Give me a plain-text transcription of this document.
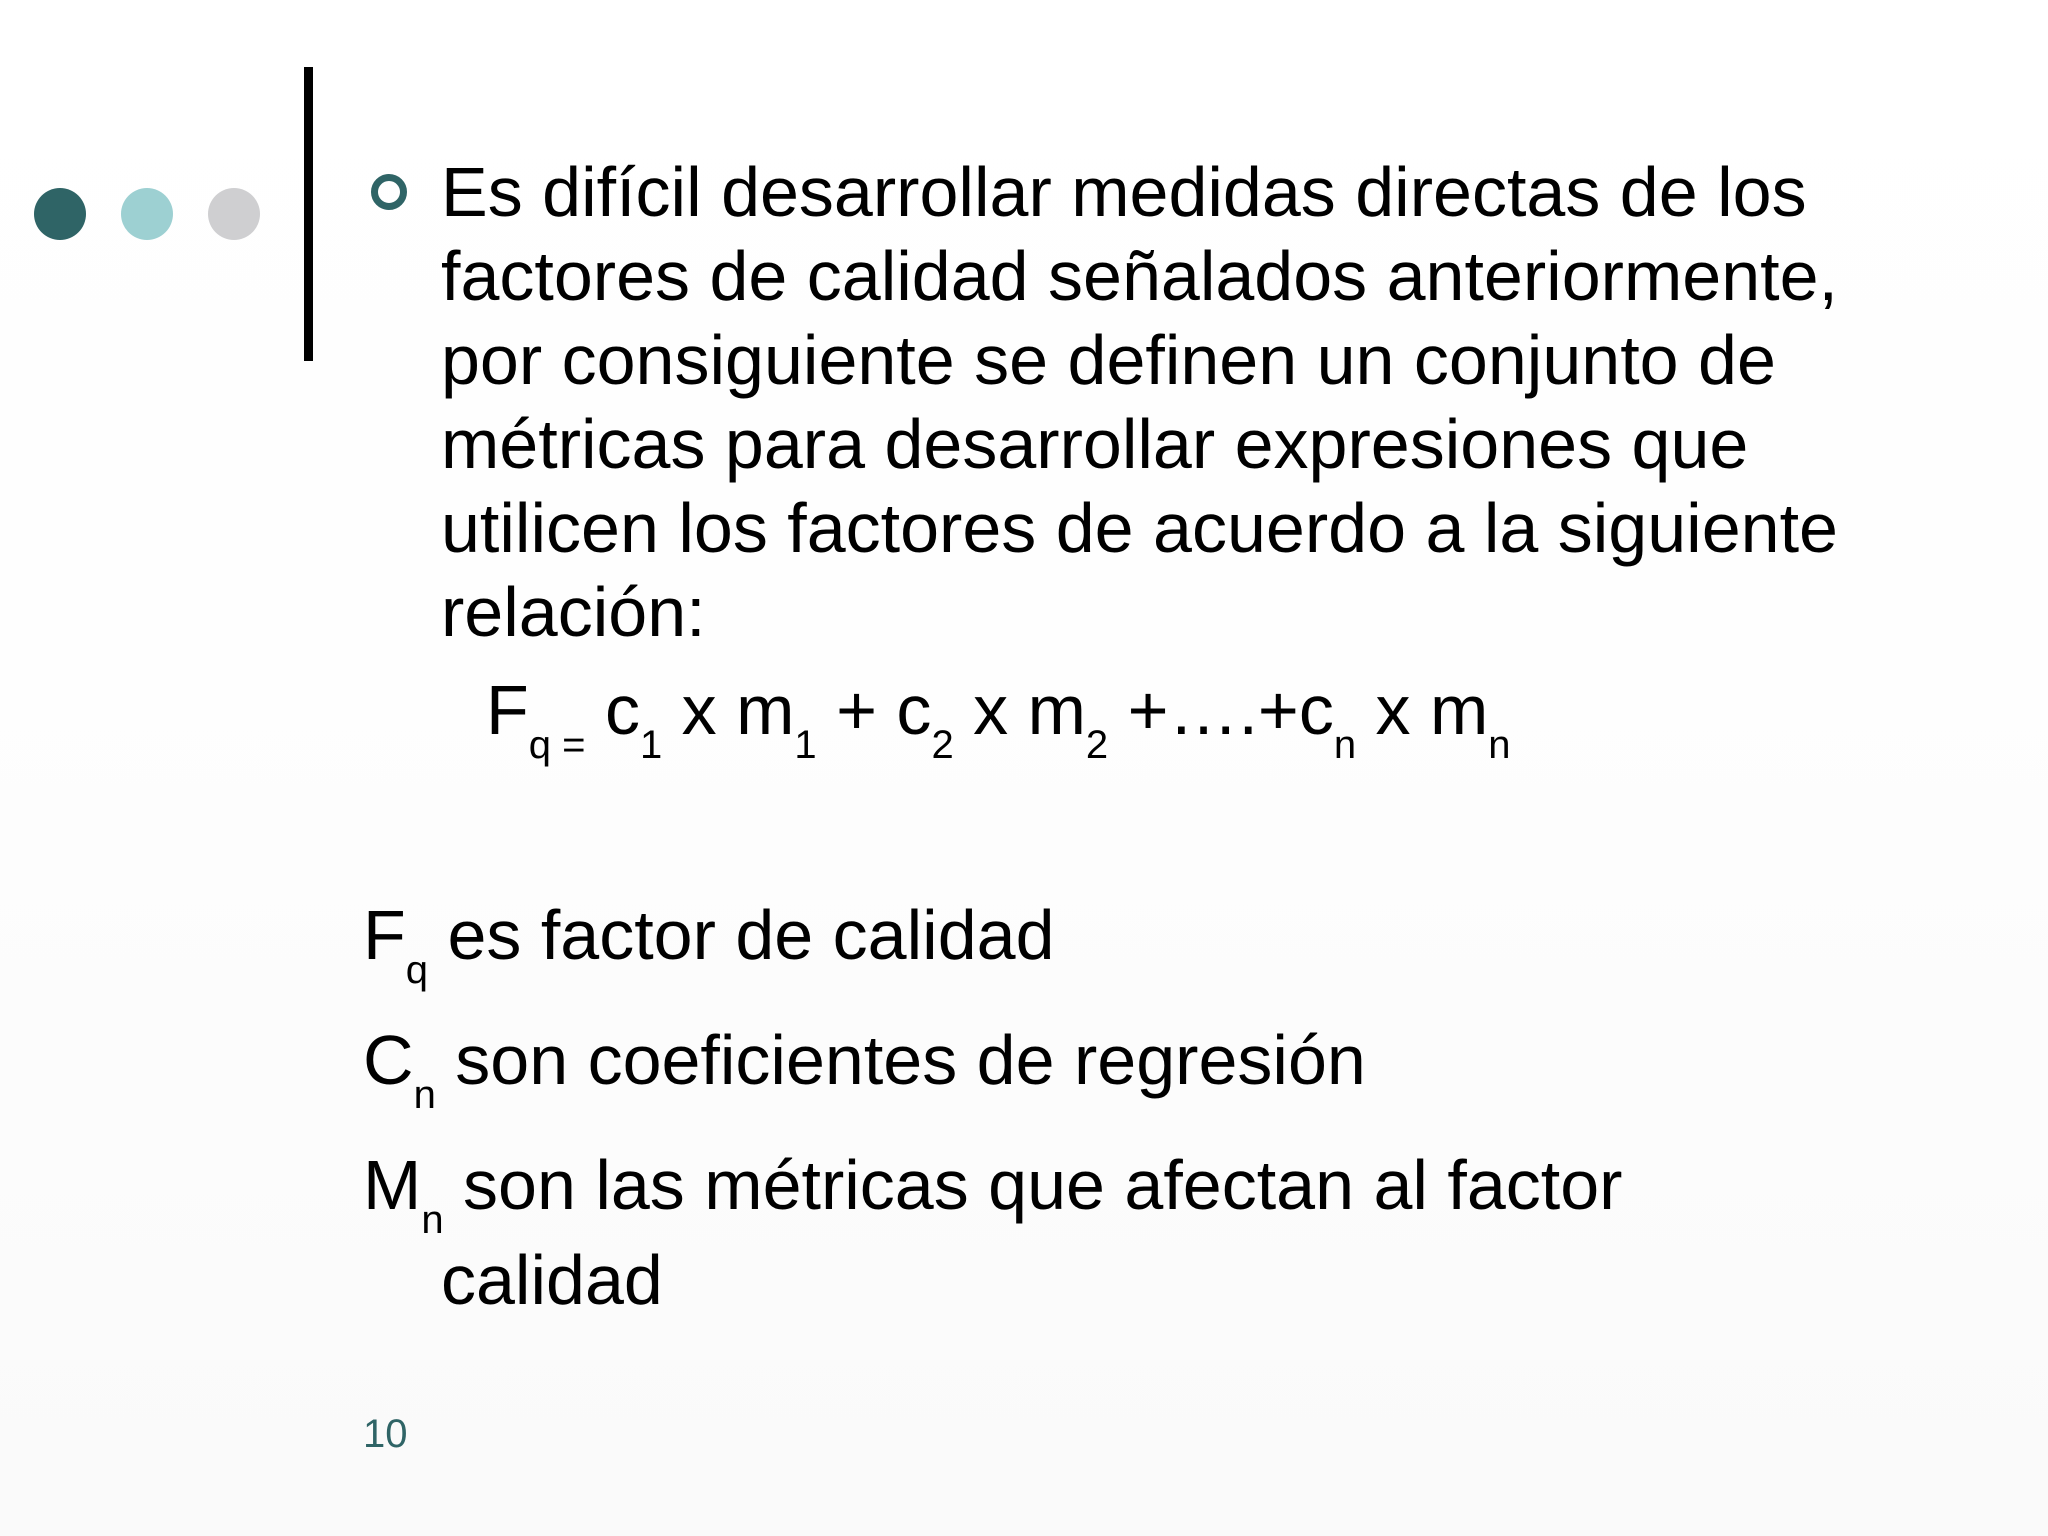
Es difícil desarrollar medidas directas de los
factores de calidad señalados anteriormente,
por consiguiente se definen un conjunto de
métricas para desarrollar expresiones que
utilicen los factores de acuerdo a la siguiente
relación:

$F_{q =}$ $c_1$ x $m_1 + c_2$ x $m_2$ $+\dots.+c_n$ x $m_n$
$F_q$ es factor de calidad
$C_n$ son coeficientes de regresión
$M_n$ son las métricas que afectan al factor
calidad
10
